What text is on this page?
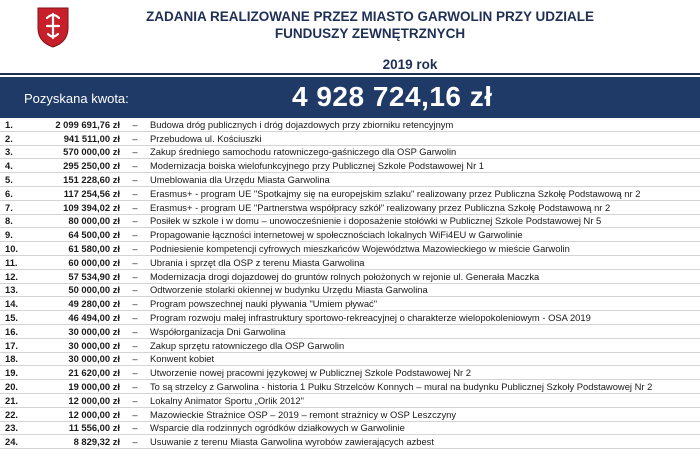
ZADANIA REALIZOWANE PRZEZ MIASTO GARWOLIN PRZY UDZIALE
FUNDUSZY ZEWNĘTRZNYCH
2019 rok
Pozyskana kwota:	4 928 724,16 zł
1.	2 099 691,76 zł	–	Budowa dróg publicznych i dróg dojazdowych przy zbiorniku retencyjnym
2.	941 511,00 zł	–	Przebudowa ul. Kościuszki
3.	570 000,00 zł	–	Zakup średniego samochodu ratowniczego-gaśniczego dla OSP Garwolin
4.	295 250,00 zł	–	Modernizacja boiska wielofunkcyjnego przy Publicznej Szkole Podstawowej Nr 1
5.	151 228,60 zł	–	Umeblowania dla Urzędu Miasta Garwolina
6.	117 254,56 zł	–	Erasmus+ - program UE "Spotkajmy się na europejskim szlaku" realizowany przez Publiczna Szkołę Podstawową nr 2
7.	109 394,02 zł	–	Erasmus+ - program UE "Partnerstwa współpracy szkół" realizowany przez Publiczna Szkołę Podstawową nr 2
8.	80 000,00 zł	–	Posiłek w szkole i w domu – unowocześnienie i doposażenie stołówki w Publicznej Szkole Podstawowej Nr 5
9.	64 500,00 zł	–	Propagowanie łączności internetowej w społecznościach lokalnych WiFi4EU w Garwolinie
10.	61 580,00 zł	–	Podniesienie kompetencji cyfrowych mieszkańców Województwa Mazowieckiego w mieście Garwolin
11.	60 000,00 zł	–	Ubrania i sprzęt dla OSP z terenu Miasta Garwolina
12.	57 534,90 zł	–	Modernizacja drogi dojazdowej do gruntów rolnych położonych w rejonie ul. Generała Maczka
13.	50 000,00 zł	–	Odtworzenie stolarki okiennej w budynku Urzędu Miasta Garwolina
14.	49 280,00 zł	–	Program powszechnej nauki pływania "Umiem pływać"
15.	46 494,00 zł	–	Program rozwoju małej infrastruktury sportowo-rekreacyjnej o charakterze wielopokoleniowym - OSA 2019
16.	30 000,00 zł	–	Współorganizacja Dni Garwolina
17.	30 000,00 zł	–	Zakup sprzętu ratowniczego dla OSP Garwolin
18.	30 000,00 zł	–	Konwent kobiet
19.	21 620,00 zł	–	Utworzenie nowej pracowni językowej w Publicznej Szkole Podstawowej Nr 2
20.	19 000,00 zł	–	To są strzelcy z Garwolina - historia 1 Pułku Strzelców Konnych – mural na budynku Publicznej Szkoły Podstawowej Nr 2
21.	12 000,00 zł	–	Lokalny Animator Sportu „Orlik 2012"
22.	12 000,00 zł	–	Mazowieckie Strażnice OSP – 2019 – remont strażnicy w OSP Leszczyny
23.	11 556,00 zł	–	Wsparcie dla rodzinnych ogródków działkowych w Garwolinie
24.	8 829,32 zł	–	Usuwanie z terenu Miasta Garwolina wyrobów zawierających azbest
